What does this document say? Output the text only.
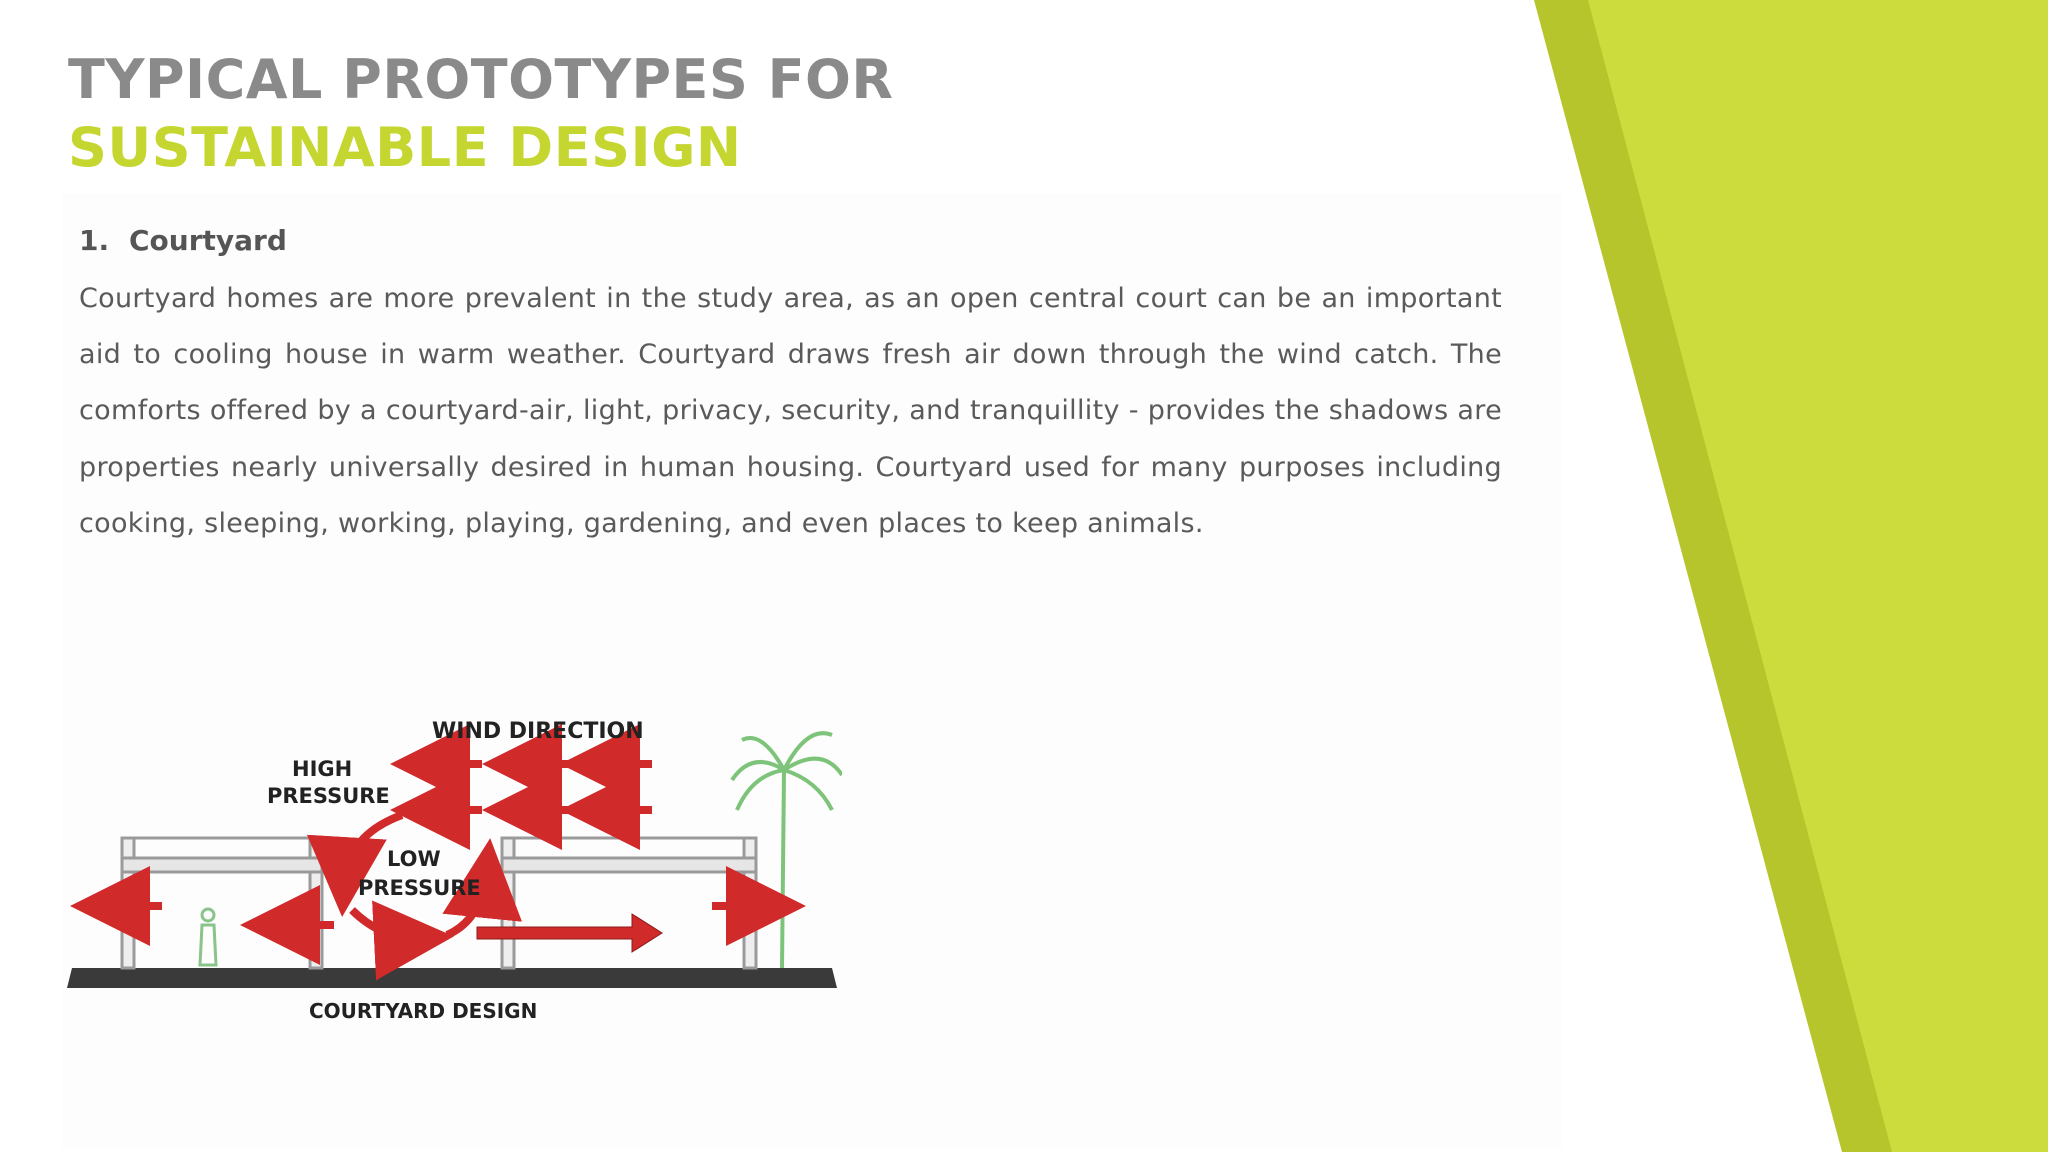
TYPICAL PROTOTYPES FOR
SUSTAINABLE DESIGN
1. Courtyard

Courtyard homes are more prevalent in the study area, as an open central court can be an important aid to cooling house in warm weather. Courtyard draws fresh air down through the wind catch. The comforts offered by a courtyard-air, light, privacy, security, and tranquillity - provides the shadows are properties nearly universally desired in human housing. Courtyard used for many purposes including cooking, sleeping, working, playing, gardening, and even places to keep animals.

WIND DIRECTION
HIGH
PRESSURE
LOW
PRESSURE
COURTYARD DESIGN
